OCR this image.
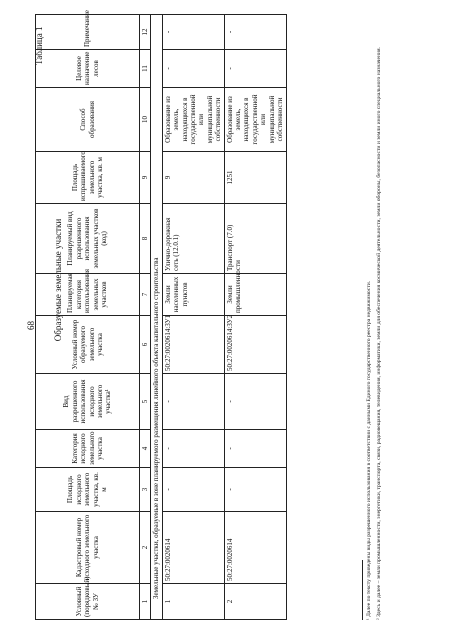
68
Таблица 1
Образуемые земельные участки
Условный (порядковый) № ЗУ	Кадастровый номер исходного земельного участка	Площадь исходного земельного участка, кв. м	Категория исходного земельного участка	Вид разрешенного использования исходного земельного участка¹	Условный номер образуемого земельного участка	Планируемая категория использования земельных участков	Планируемый вид разрешенного использования земельных участков (код)	Площадь испрашиваемого земельного участка, кв. м	Способ образования	Целевое назначение лесов	Примечание
1	2	3	4	5	6	7	8	9	10	11	12
Земельные участки, образуемые в зоне планируемого размещения линейного объекта капитального строительства											
1	50:27:0020614	-	-	-	50:27:0020614:ЗУ1	Земли населенных пунктов	Улично-дорожная сеть (12.0.1)	9	Образование из земель, находящихся в государственной или муниципальной собственности	-	-
2	50:27:0020614	-	-	-	50:27:0020614:ЗУ2	Земли промышленности	Транспорт (7.0)	1251	Образование из земель, находящихся в государственной или муниципальной собственности	-	-
¹ Далее по тексту приведены виды разрешенного использования в соответствии с данными Единого государственного реестра недвижимости. ² Здесь и далее – земли промышленности, энергетики, транспорта, связи, радиовещания, телевидения, информатики, земли для обеспечения космической деятельности, земли обороны, безопасности и земли иного специального назначения.
